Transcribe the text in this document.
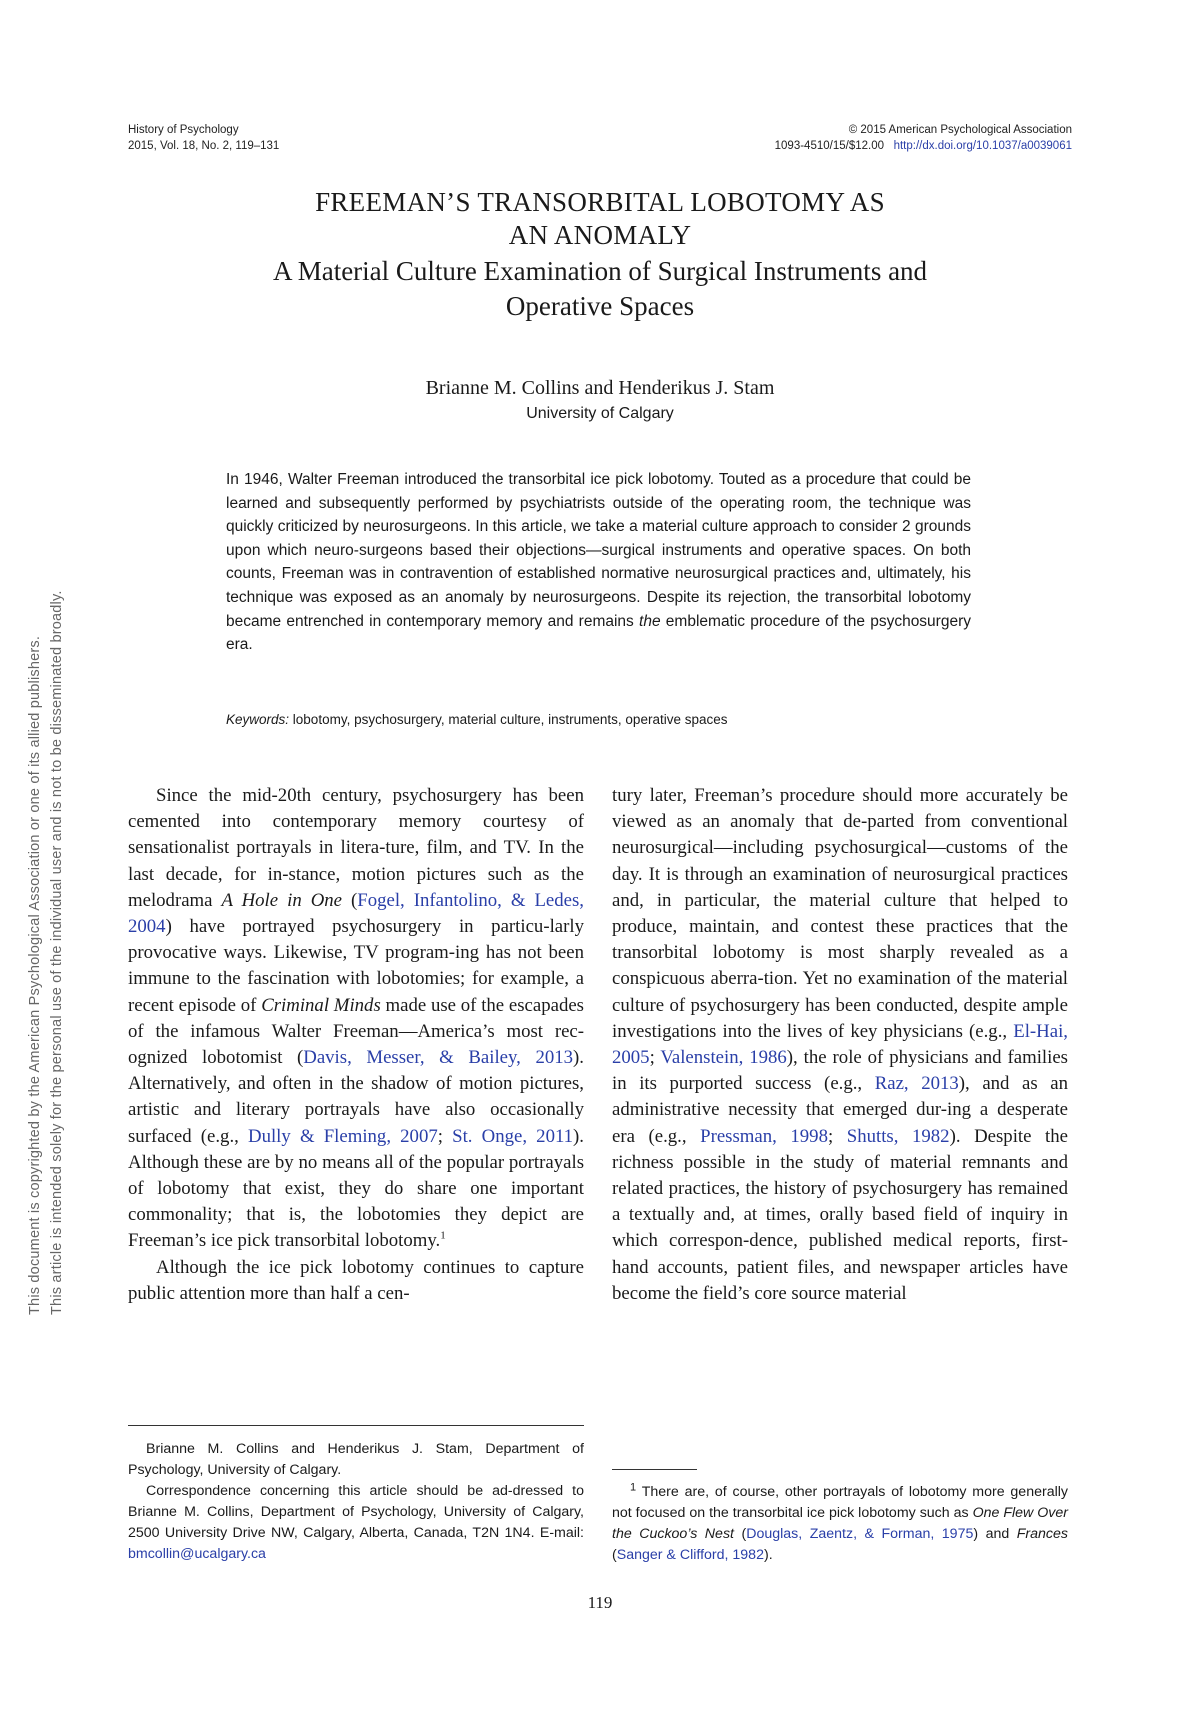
This document is copyrighted by the American Psychological Association or one of its allied publishers. This article is intended solely for the personal use of the individual user and is not to be disseminated broadly.
History of Psychology
2015, Vol. 18, No. 2, 119–131
© 2015 American Psychological Association
1093-4510/15/$12.00 http://dx.doi.org/10.1037/a0039061
FREEMAN’S TRANSORBITAL LOBOTOMY AS
AN ANOMALY
A Material Culture Examination of Surgical Instruments and
Operative Spaces
Brianne M. Collins and Henderikus J. Stam
University of Calgary
In 1946, Walter Freeman introduced the transorbital ice pick lobotomy. Touted as a procedure that could be learned and subsequently performed by psychiatrists outside of the operating room, the technique was quickly criticized by neurosurgeons. In this article, we take a material culture approach to consider 2 grounds upon which neuro-surgeons based their objections—surgical instruments and operative spaces. On both counts, Freeman was in contravention of established normative neurosurgical practices and, ultimately, his technique was exposed as an anomaly by neurosurgeons. Despite its rejection, the transorbital lobotomy became entrenched in contemporary memory and remains the emblematic procedure of the psychosurgery era.
Keywords: lobotomy, psychosurgery, material culture, instruments, operative spaces

Since the mid-20th century, psychosurgery has been cemented into contemporary memory courtesy of sensationalist portrayals in litera-ture, film, and TV. In the last decade, for in-stance, motion pictures such as the melodrama A Hole in One (Fogel, Infantolino, & Ledes, 2004) have portrayed psychosurgery in particu-larly provocative ways. Likewise, TV program-ing has not been immune to the fascination with lobotomies; for example, a recent episode of Criminal Minds made use of the escapades of the infamous Walter Freeman—America’s most rec-ognized lobotomist (Davis, Messer, & Bailey, 2013). Alternatively, and often in the shadow of motion pictures, artistic and literary portrayals have also occasionally surfaced (e.g., Dully & Fleming, 2007; St. Onge, 2011). Although these are by no means all of the popular portrayals of lobotomy that exist, they do share one important commonality; that is, the lobotomies they depict are Freeman’s ice pick transorbital lobotomy.$^1$

Although the ice pick lobotomy continues to capture public attention more than half a cen-

tury later, Freeman’s procedure should more accurately be viewed as an anomaly that de-parted from conventional neurosurgical—including psychosurgical—customs of the day. It is through an examination of neurosurgical practices and, in particular, the material culture that helped to produce, maintain, and contest these practices that the transorbital lobotomy is most sharply revealed as a conspicuous aberra-tion. Yet no examination of the material culture of psychosurgery has been conducted, despite ample investigations into the lives of key physicians (e.g., El-Hai, 2005; Valenstein, 1986), the role of physicians and families in its purported success (e.g., Raz, 2013), and as an administrative necessity that emerged dur-ing a desperate era (e.g., Pressman, 1998; Shutts, 1982). Despite the richness possible in the study of material remnants and related practices, the history of psychosurgery has remained a textually and, at times, orally based field of inquiry in which correspon-dence, published medical reports, first-hand accounts, patient files, and newspaper articles have become the field’s core source material

Brianne M. Collins and Henderikus J. Stam, Department of Psychology, University of Calgary.

Correspondence concerning this article should be ad-dressed to Brianne M. Collins, Department of Psychology, University of Calgary, 2500 University Drive NW, Calgary, Alberta, Canada, T2N 1N4. E-mail: bmcollin@ucalgary.ca

$^1$ There are, of course, other portrayals of lobotomy more generally not focused on the transorbital ice pick lobotomy such as One Flew Over the Cuckoo’s Nest (Douglas, Zaentz, & Forman, 1975) and Frances (Sanger & Clifford, 1982).

119
